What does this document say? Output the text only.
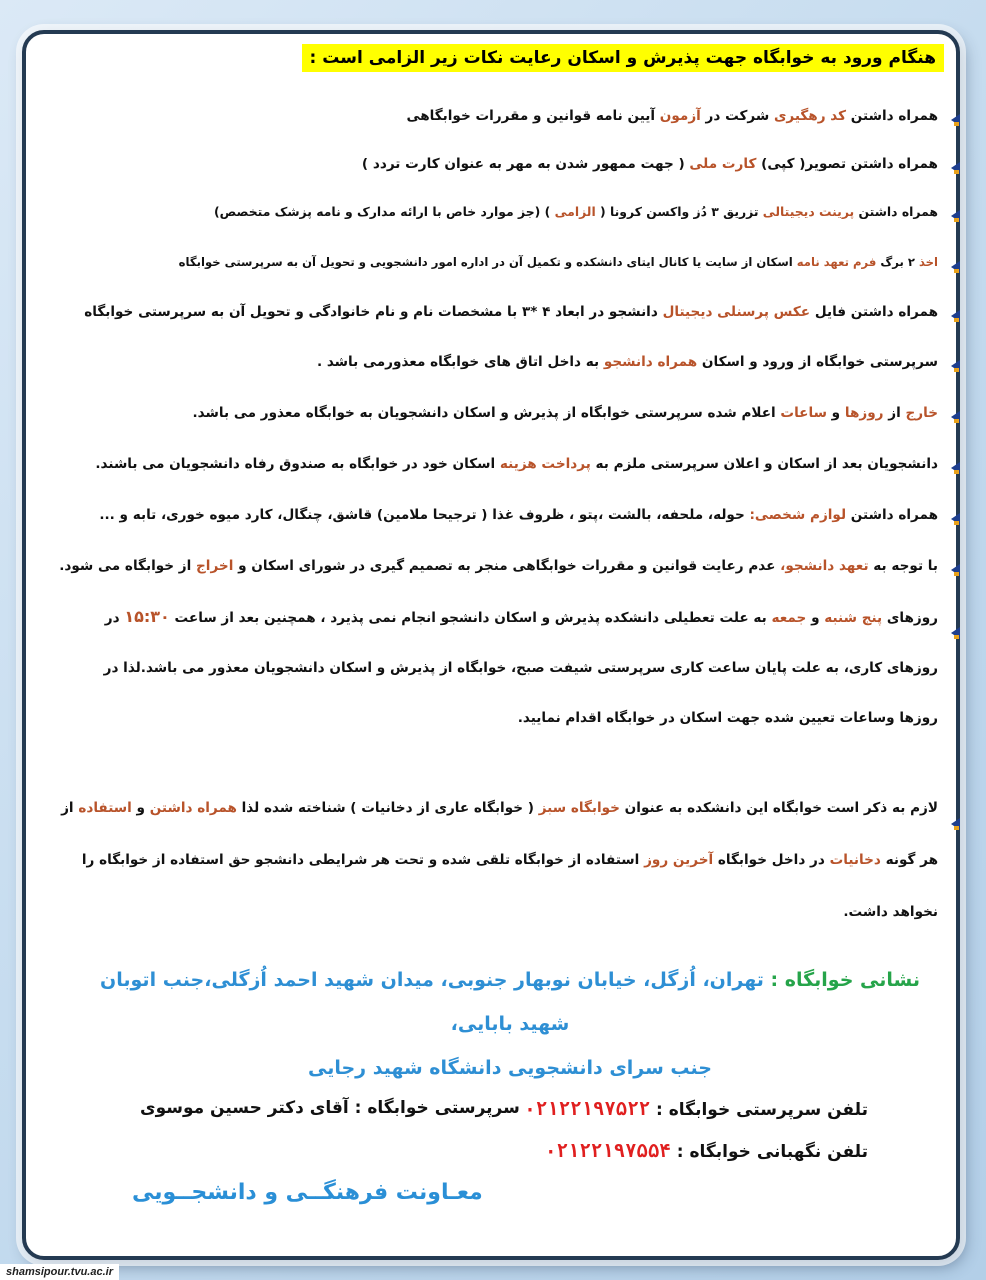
هنگام ورود به خوابگاه جهت پذیرش و اسکان رعایت نکات زیر الزامی است :
همراه داشتن کد رهگیری شرکت در آزمون آیین نامه قوانین و مقررات خوابگاهی
همراه داشتن تصویر( کپی) کارت ملی ( جهت ممهور شدن به مهر به عنوان کارت تردد )
همراه داشتن پرینت دیجیتالی تزریق ۳ دُز واکسن کرونا ( الزامی ) (جز موارد خاص با ارائه مدارک و نامه پزشک متخصص)
اخذ ۲ برگ فرم تعهد نامه اسکان از سایت یا کانال ایتای دانشکده و تکمیل آن در اداره امور دانشجویی و تحویل آن به سرپرستی خوابگاه
همراه داشتن فایل عکس پرسنلی دیجیتال دانشجو در ابعاد ۴ *۳ با مشخصات نام و نام خانوادگی و تحویل آن به سرپرستی خوابگاه
سرپرستی خوابگاه از ورود و اسکان همراه دانشجو به داخل اتاق های خوابگاه معذورمی باشد .
خارج از روزها و ساعات اعلام شده سرپرستی خوابگاه از پذیرش و اسکان دانشجویان به خوابگاه معذور می باشد.
دانشجویان بعد از اسکان و اعلان سرپرستی ملزم به پرداخت هزینه اسکان خود در خوابگاه به صندوق رفاه دانشجویان می باشند.
همراه داشتن لوازم شخصی: حوله، ملحفه، بالشت ،پتو ، ظروف غذا ( ترجیحا ملامین) قاشق، چنگال، کارد میوه خوری، تابه و ...
با توجه به تعهد دانشجو، عدم رعایت قوانین و مقررات خوابگاهی منجر به تصمیم گیری در شورای اسکان و اخراج از خوابگاه می شود.
روزهای پنج شنبه و جمعه به علت تعطیلی دانشکده پذیرش و اسکان دانشجو انجام نمی پذیرد ، همچنین بعد از ساعت ۱۵:۳۰ در
روزهای کاری، به علت پایان ساعت کاری سرپرستی شیفت صبح، خوابگاه از پذیرش و اسکان دانشجویان معذور می باشد.لذا در
روزها وساعات تعیین شده جهت اسکان در خوابگاه اقدام نمایید.
لازم به ذکر است خوابگاه این دانشکده به عنوان خوابگاه سبز ( خوابگاه عاری از دخانیات ) شناخته شده لذا همراه داشتن و استفاده از
هر گونه دخانیات در داخل خوابگاه آخرین روز استفاده از خوابگاه تلقی شده و تحت هر شرایطی دانشجو حق استفاده از خوابگاه را
نخواهد داشت.
نشانی خوابگاه : تهران، اُزگل، خیابان نوبهار جنوبی، میدان شهید احمد اُزگلی،جنب اتوبان شهید بابایی،
جنب سرای دانشجویی دانشگاه شهید رجایی
تلفن سرپرستی خوابگاه : ۰۲۱۲۲۱۹۷۵۲۲
تلفن نگهبانی خوابگاه : ۰۲۱۲۲۱۹۷۵۵۴
سرپرستی خوابگاه : آقای دکتر حسین موسوی
معـاونت فرهنگــی و دانشجــویی
shamsipour.tvu.ac.ir
